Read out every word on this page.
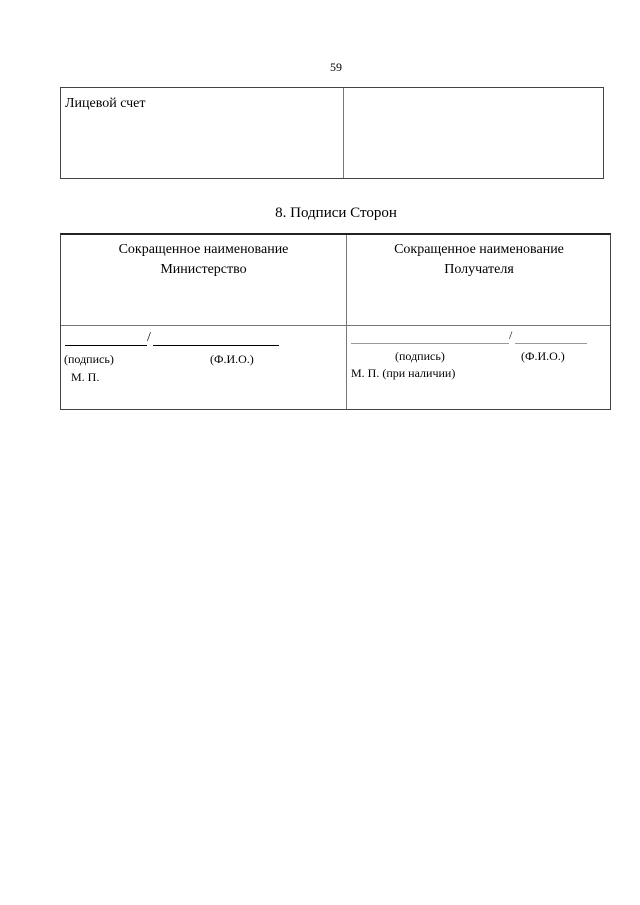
59
Лицевой счет
8. Подписи Сторон
Сокращенное наименование
Министерство
Сокращенное наименование
Получателя
/
(подпись)	(Ф.И.О.)
М. П.
/
(подпись)	(Ф.И.О.)
М. П. (при наличии)
